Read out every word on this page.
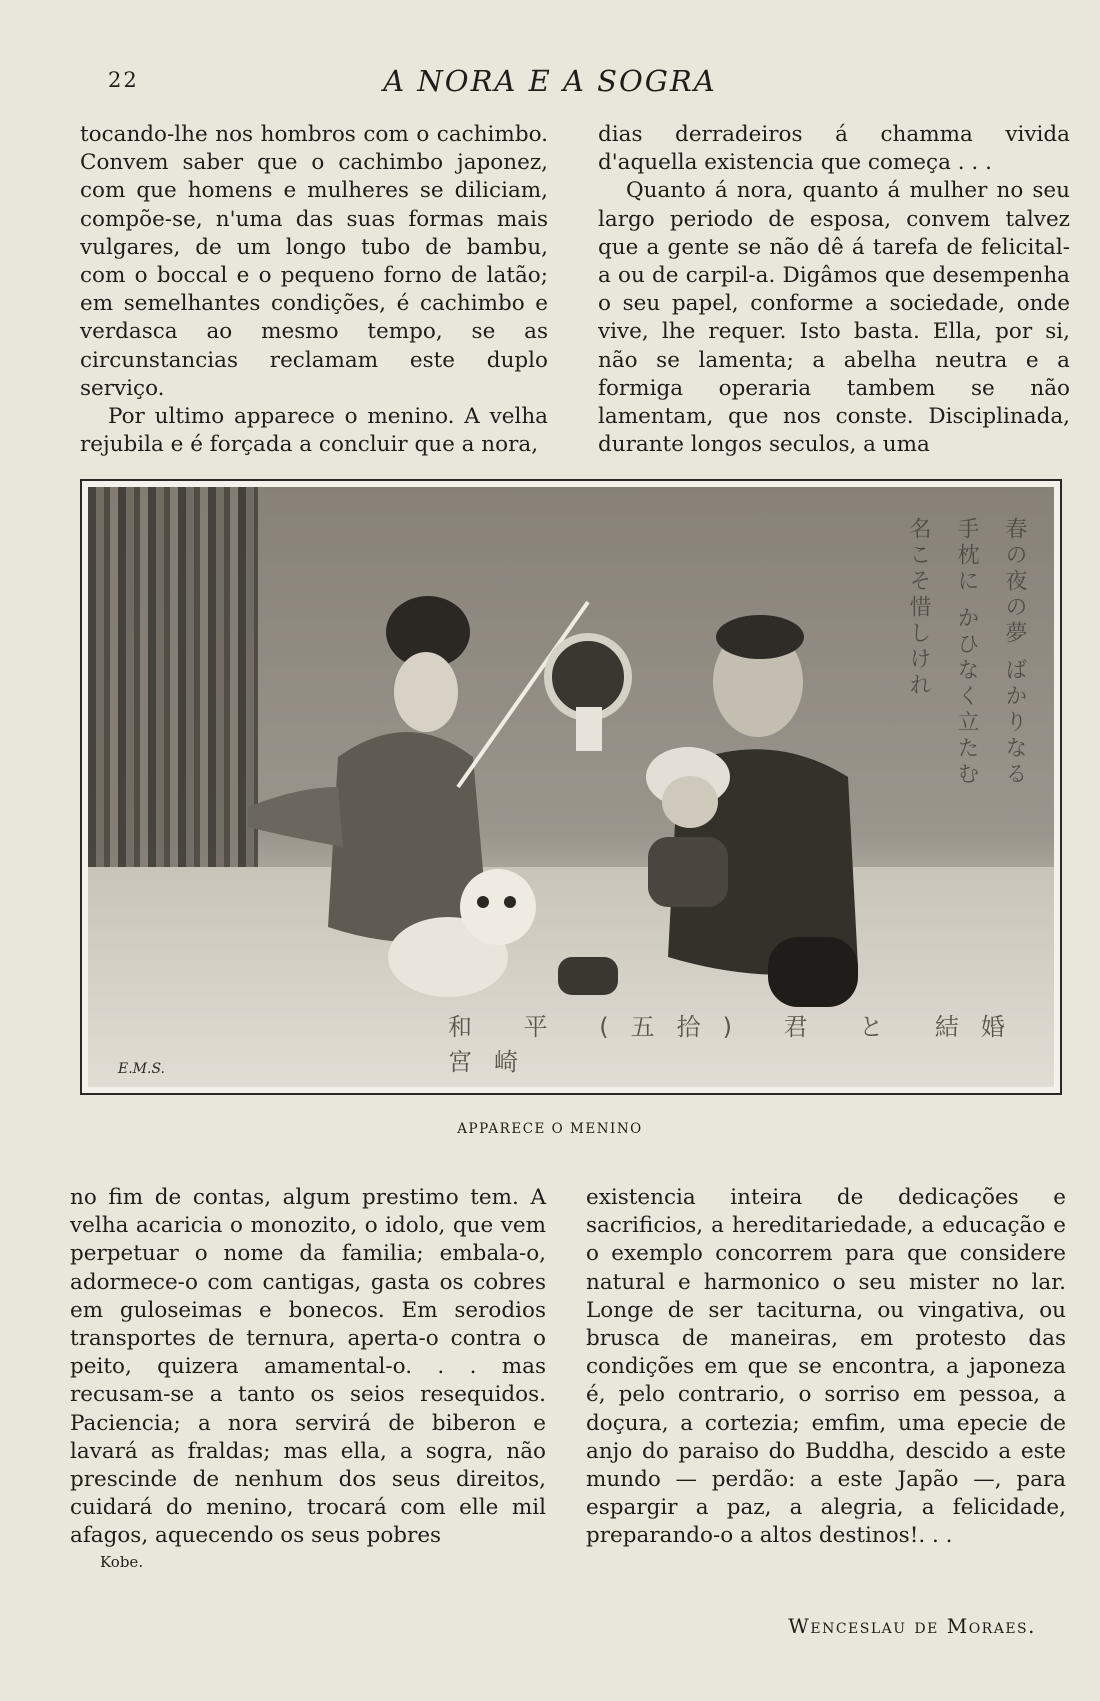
22	A NORA E A SOGRA

tocando-lhe nos hombros com o cachimbo. Convem saber que o cachimbo japonez, com que homens e mulheres se diliciam, compõe-se, n'uma das suas formas mais vulgares, de um longo tubo de bambu, com o boccal e o pequeno forno de latão; em semelhantes condições, é cachimbo e verdasca ao mesmo tempo, se as circunstancias reclamam este duplo serviço.

Por ultimo apparece o menino. A velha rejubila e é forçada a concluir que a nora,

dias derradeiros á chamma vivida d'aquella existencia que começa . . .

Quanto á nora, quanto á mulher no seu largo periodo de esposa, convem talvez que a gente se não dê á tarefa de felicital-a ou de carpil-a. Digâmos que desempenha o seu papel, conforme a sociedade, onde vive, lhe requer. Isto basta. Ella, por si, não se lamenta; a abelha neutra e a formiga operaria tambem se não lamentam, que nos conste. Disciplinada, durante longos seculos, a uma

春の夜の夢 ばかりなる 手枕に かひなく立たむ 名こそ惜しけれ
E.M.S.
和 平 (五拾) 君 と 結婚 宮崎
APPARECE O MENINO

no fim de contas, algum prestimo tem. A velha acaricia o monozito, o idolo, que vem perpetuar o nome da familia; embala-o, adormece-o com cantigas, gasta os cobres em guloseimas e bonecos. Em serodios transportes de ternura, aperta-o contra o peito, quizera amamental-o. . . mas recusam-se a tanto os seios resequidos. Paciencia; a nora servirá de biberon e lavará as fraldas; mas ella, a sogra, não prescinde de nenhum dos seus direitos, cuidará do menino, trocará com elle mil afagos, aquecendo os seus pobres

existencia inteira de dedicações e sacrificios, a hereditariedade, a educação e o exemplo concorrem para que considere natural e harmonico o seu mister no lar. Longe de ser taciturna, ou vingativa, ou brusca de maneiras, em protesto das condições em que se encontra, a japoneza é, pelo contrario, o sorriso em pessoa, a doçura, a cortezia; emfim, uma epecie de anjo do paraiso do Buddha, descido a este mundo — perdão: a este Japão —, para espargir a paz, a alegria, a felicidade, preparando-o a altos destinos!. . .

Kobe.
Wenceslau de Moraes.
